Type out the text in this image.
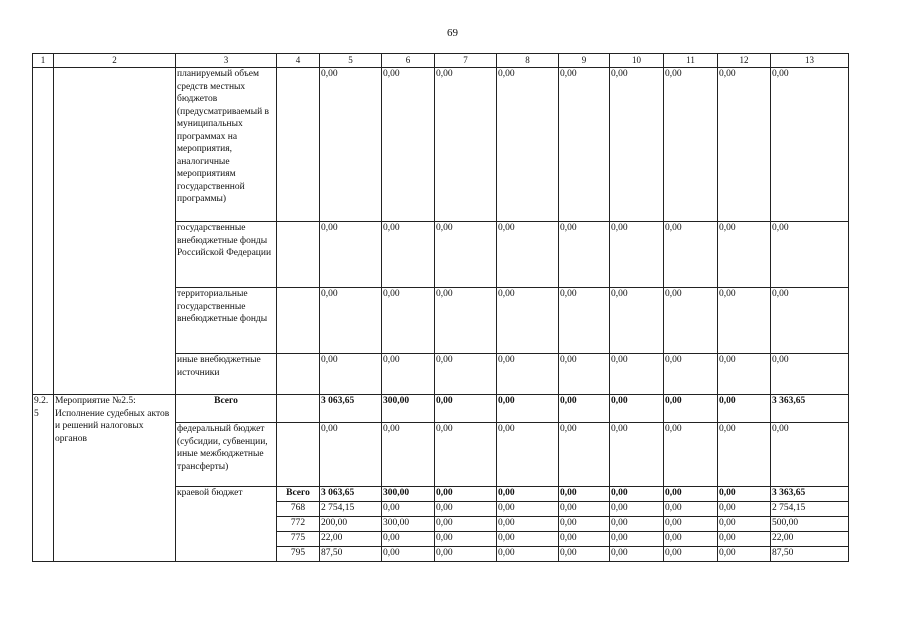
69
1	2	3	4	5	6	7	8	9	10	11	12	13
		планируемый объем средств местных бюджетов (предусматриваемый в муниципальных программах на мероприятия, аналогичные мероприятиям государственной программы)		0,00	0,00	0,00	0,00	0,00	0,00	0,00	0,00	0,00
		государственные внебюджетные фонды Российской Федерации		0,00	0,00	0,00	0,00	0,00	0,00	0,00	0,00	0,00
		территориальные государственные внебюджетные фонды		0,00	0,00	0,00	0,00	0,00	0,00	0,00	0,00	0,00
		иные внебюджетные источники		0,00	0,00	0,00	0,00	0,00	0,00	0,00	0,00	0,00
9.2.5	Мероприятие №2.5: Исполнение судебных актов и решений налоговых органов	Всего		3 063,65	300,00	0,00	0,00	0,00	0,00	0,00	0,00	3 363,65
		федеральный бюджет (субсидии, субвенции, иные межбюджетные трансферты)		0,00	0,00	0,00	0,00	0,00	0,00	0,00	0,00	0,00
		краевой бюджет	Всего	3 063,65	300,00	0,00	0,00	0,00	0,00	0,00	0,00	3 363,65
			768	2 754,15	0,00	0,00	0,00	0,00	0,00	0,00	0,00	2 754,15
			772	200,00	300,00	0,00	0,00	0,00	0,00	0,00	0,00	500,00
			775	22,00	0,00	0,00	0,00	0,00	0,00	0,00	0,00	22,00
			795	87,50	0,00	0,00	0,00	0,00	0,00	0,00	0,00	87,50
